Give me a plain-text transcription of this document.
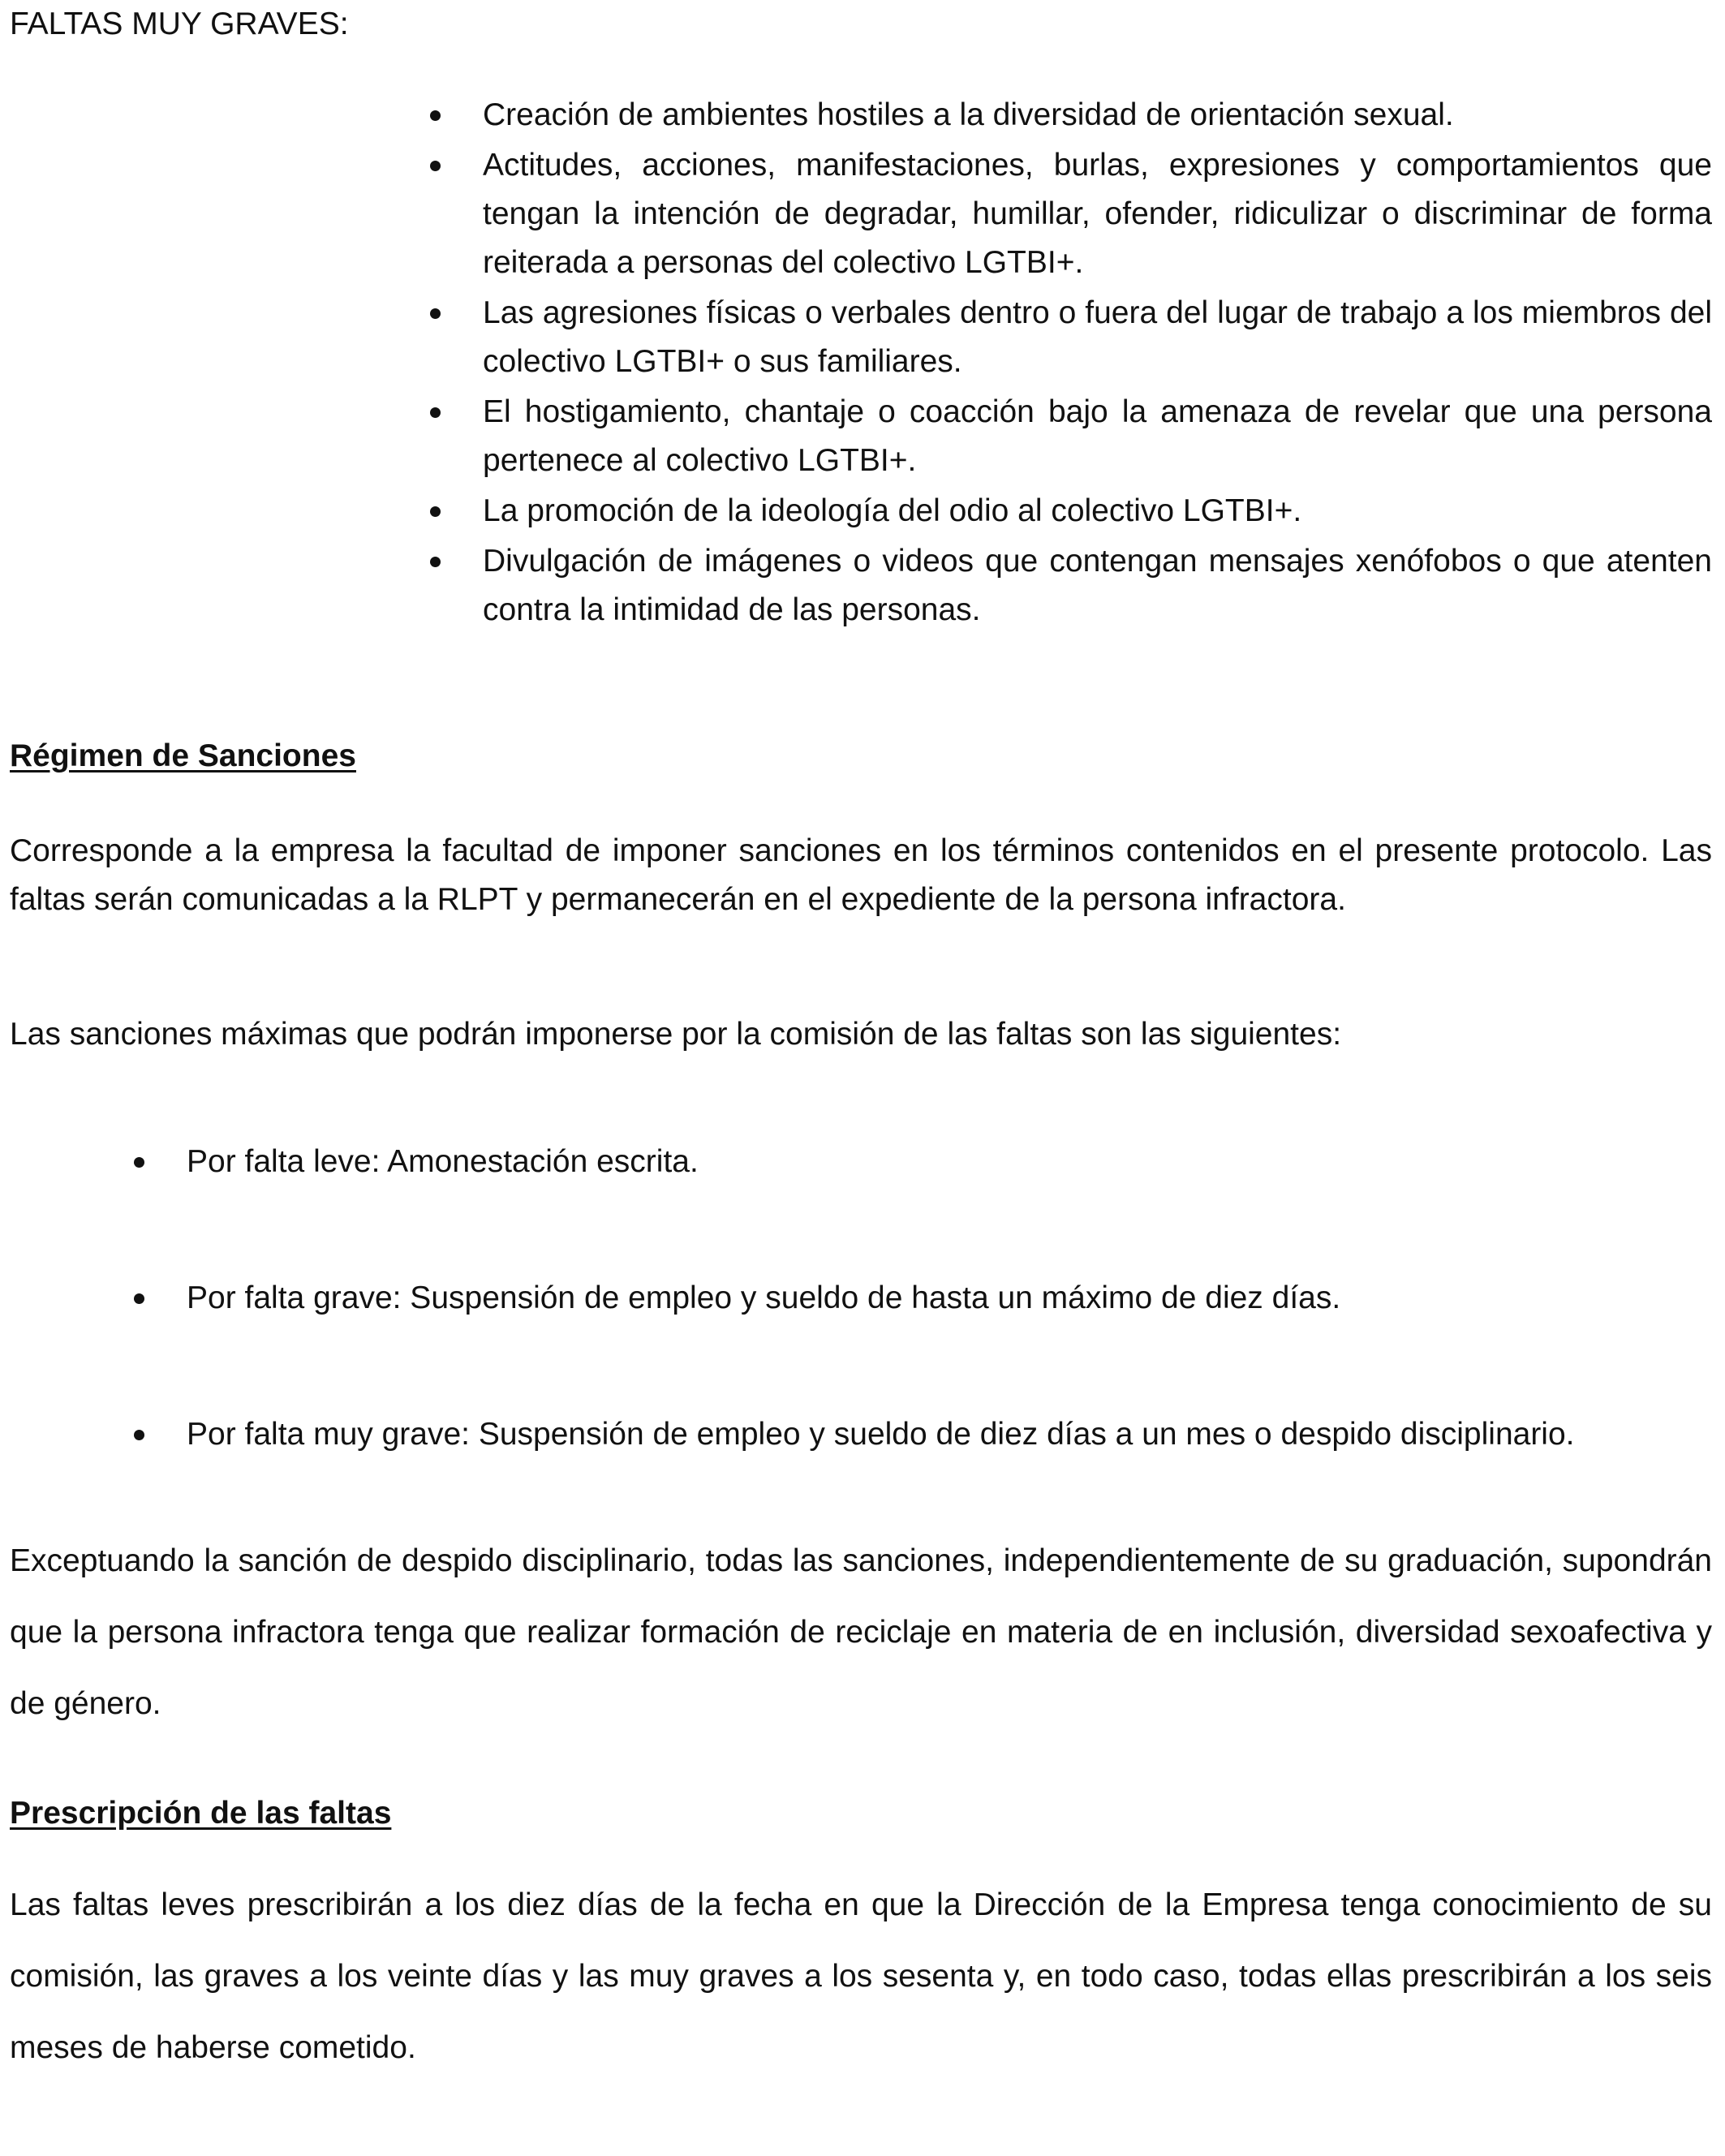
FALTAS MUY GRAVES:
Creación de ambientes hostiles a la diversidad de orientación sexual.
Actitudes, acciones, manifestaciones, burlas, expresiones y comportamientos que tengan la intención de degradar, humillar, ofender, ridiculizar o discriminar de forma reiterada a personas del colectivo LGTBI+.
Las agresiones físicas o verbales dentro o fuera del lugar de trabajo a los miembros del colectivo LGTBI+ o sus familiares.
El hostigamiento, chantaje o coacción bajo la amenaza de revelar que una persona pertenece al colectivo LGTBI+.
La promoción de la ideología del odio al colectivo LGTBI+.
Divulgación de imágenes o videos que contengan mensajes xenófobos o que atenten contra la intimidad de las personas.
Régimen de Sanciones

Corresponde a la empresa la facultad de imponer sanciones en los términos contenidos en el presente protocolo. Las faltas serán comunicadas a la RLPT y permanecerán en el expediente de la persona infractora.

Las sanciones máximas que podrán imponerse por la comisión de las faltas son las siguientes:

Por falta leve: Amonestación escrita.
Por falta grave: Suspensión de empleo y sueldo de hasta un máximo de diez días.
Por falta muy grave: Suspensión de empleo y sueldo de diez días a un mes o despido disciplinario.

Exceptuando la sanción de despido disciplinario, todas las sanciones, independientemente de su graduación, supondrán que la persona infractora tenga que realizar formación de reciclaje en materia de en inclusión, diversidad sexoafectiva y de género.

Prescripción de las faltas

Las faltas leves prescribirán a los diez días de la fecha en que la Dirección de la Empresa tenga conocimiento de su comisión, las graves a los veinte días y las muy graves a los sesenta y, en todo caso, todas ellas prescribirán a los seis meses de haberse cometido.
